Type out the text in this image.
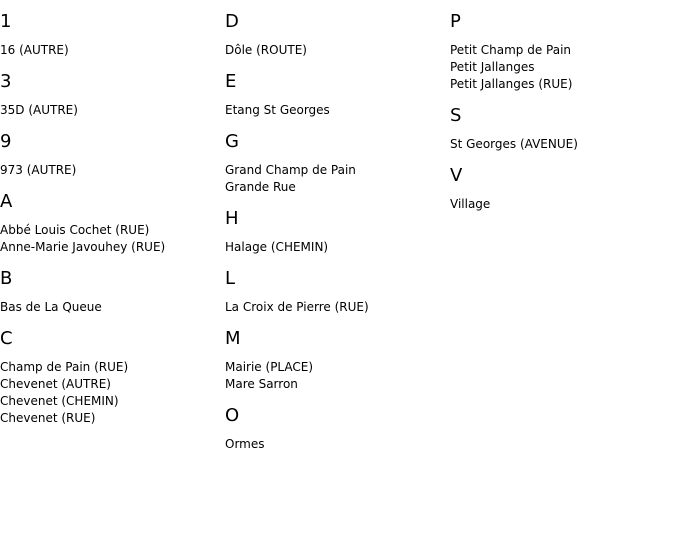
1
16 (AUTRE)
3
35D (AUTRE)
9
973 (AUTRE)
A
Abbé Louis Cochet (RUE)
Anne-Marie Javouhey (RUE)
B
Bas de La Queue
C
Champ de Pain (RUE)
Chevenet (AUTRE)
Chevenet (CHEMIN)
Chevenet (RUE)
D
Dôle (ROUTE)
E
Etang St Georges
G
Grand Champ de Pain
Grande Rue
H
Halage (CHEMIN)
L
La Croix de Pierre (RUE)
M
Mairie (PLACE)
Mare Sarron
O
Ormes
P
Petit Champ de Pain
Petit Jallanges
Petit Jallanges (RUE)
S
St Georges (AVENUE)
V
Village
